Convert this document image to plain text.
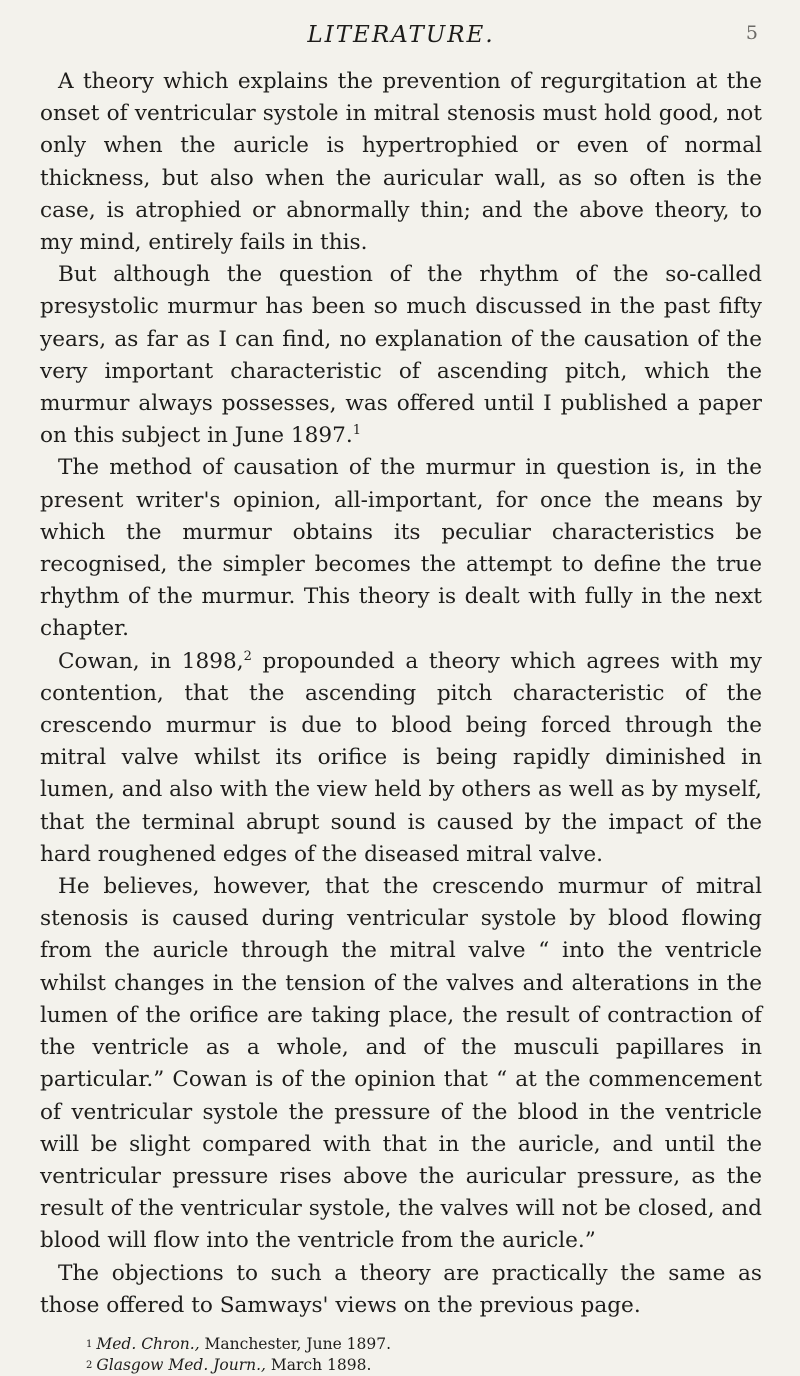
LITERATURE.	5

A theory which explains the prevention of regurgitation at the onset of ventricular systole in mitral stenosis must hold good, not only when the auricle is hypertrophied or even of normal thickness, but also when the auricular wall, as so often is the case, is atrophied or abnormally thin; and the above theory, to my mind, entirely fails in this.

But although the question of the rhythm of the so-called presystolic murmur has been so much discussed in the past fifty years, as far as I can find, no explanation of the causation of the very important characteristic of ascending pitch, which the murmur always possesses, was offered until I published a paper on this subject in June 1897.$^1$

The method of causation of the murmur in question is, in the present writer's opinion, all-important, for once the means by which the murmur obtains its peculiar characteristics be recognised, the simpler becomes the attempt to define the true rhythm of the murmur. This theory is dealt with fully in the next chapter.

Cowan, in 1898,$^2$ propounded a theory which agrees with my contention, that the ascending pitch characteristic of the crescendo murmur is due to blood being forced through the mitral valve whilst its orifice is being rapidly diminished in lumen, and also with the view held by others as well as by myself, that the terminal abrupt sound is caused by the impact of the hard roughened edges of the diseased mitral valve.

He believes, however, that the crescendo murmur of mitral stenosis is caused during ventricular systole by blood flowing from the auricle through the mitral valve “ into the ventricle whilst changes in the tension of the valves and alterations in the lumen of the orifice are taking place, the result of contraction of the ventricle as a whole, and of the musculi papillares in particular.” Cowan is of the opinion that “ at the commencement of ventricular systole the pressure of the blood in the ventricle will be slight compared with that in the auricle, and until the ventricular pressure rises above the auricular pressure, as the result of the ventricular systole, the valves will not be closed, and blood will flow into the ventricle from the auricle.”

The objections to such a theory are practically the same as those offered to Samways' views on the previous page.

$^1$ Med. Chron., Manchester, June 1897.
$^2$ Glasgow Med. Journ., March 1898.
